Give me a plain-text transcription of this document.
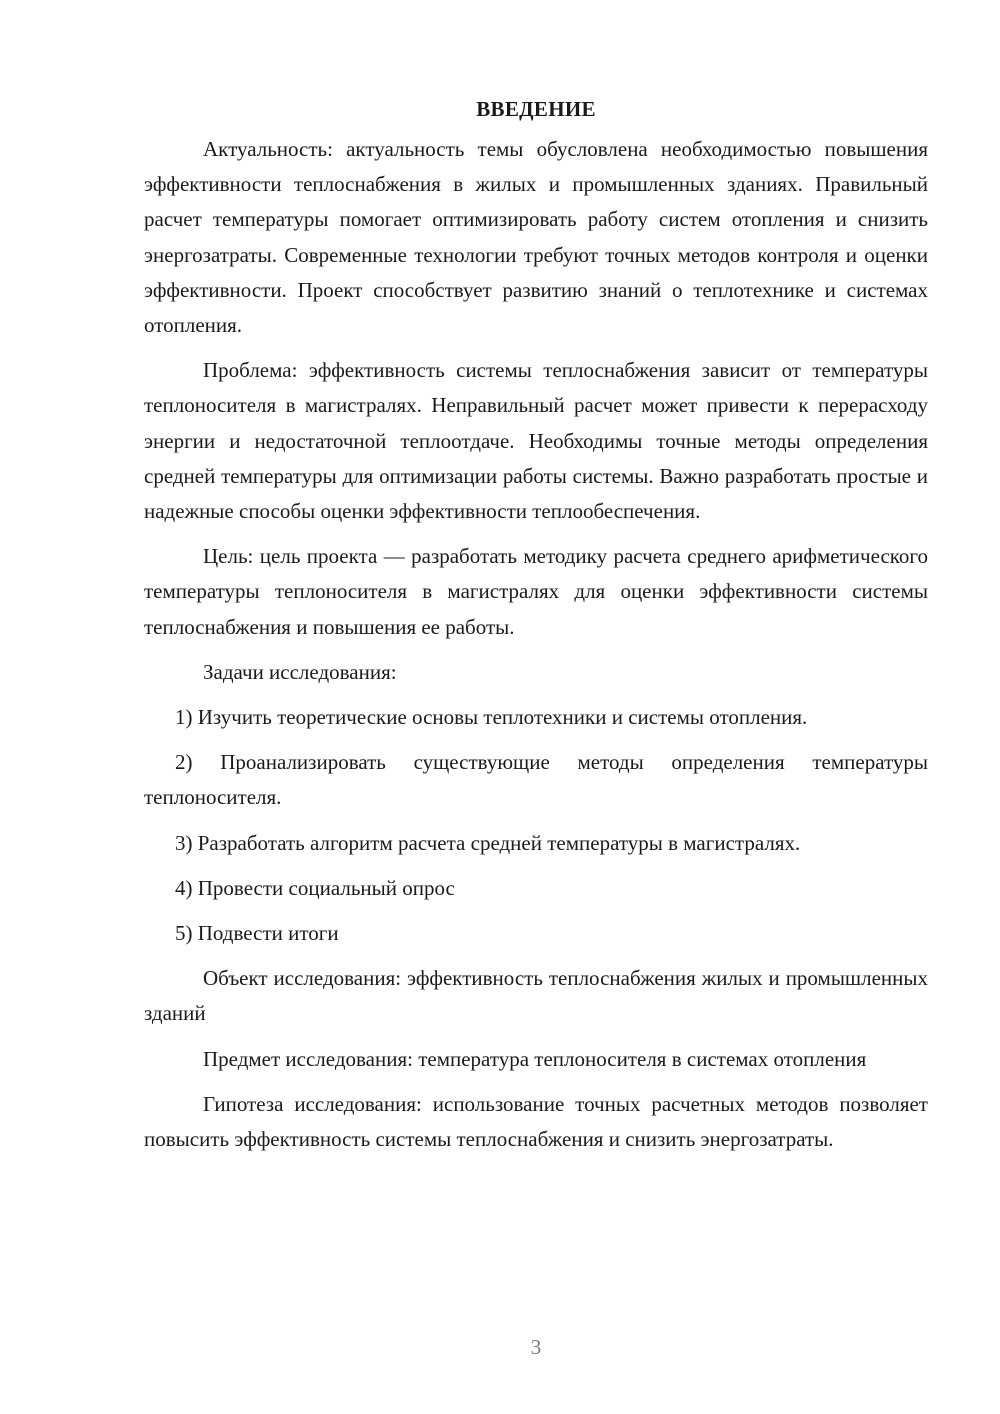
ВВЕДЕНИЕ

Актуальность: актуальность темы обусловлена необходимостью повышения эффективности теплоснабжения в жилых и промышленных зданиях. Правильный расчет температуры помогает оптимизировать работу систем отопления и снизить энергозатраты. Современные технологии требуют точных методов контроля и оценки эффективности. Проект способствует развитию знаний о теплотехнике и системах отопления.

Проблема: эффективность системы теплоснабжения зависит от температуры теплоносителя в магистралях. Неправильный расчет может привести к перерасходу энергии и недостаточной теплоотдаче. Необходимы точные методы определения средней температуры для оптимизации работы системы. Важно разработать простые и надежные способы оценки эффективности теплообеспечения.

Цель: цель проекта — разработать методику расчета среднего арифметического температуры теплоносителя в магистралях для оценки эффективности системы теплоснабжения и повышения ее работы.

Задачи исследования:

1) Изучить теоретические основы теплотехники и системы отопления.

2) Проанализировать существующие методы определения температуры теплоносителя.

3) Разработать алгоритм расчета средней температуры в магистралях.

4) Провести социальный опрос

5) Подвести итоги

Объект исследования: эффективность теплоснабжения жилых и промышленных зданий

Предмет исследования: температура теплоносителя в системах отопления

Гипотеза исследования: использование точных расчетных методов позволяет повысить эффективность системы теплоснабжения и снизить энергозатраты.

3
